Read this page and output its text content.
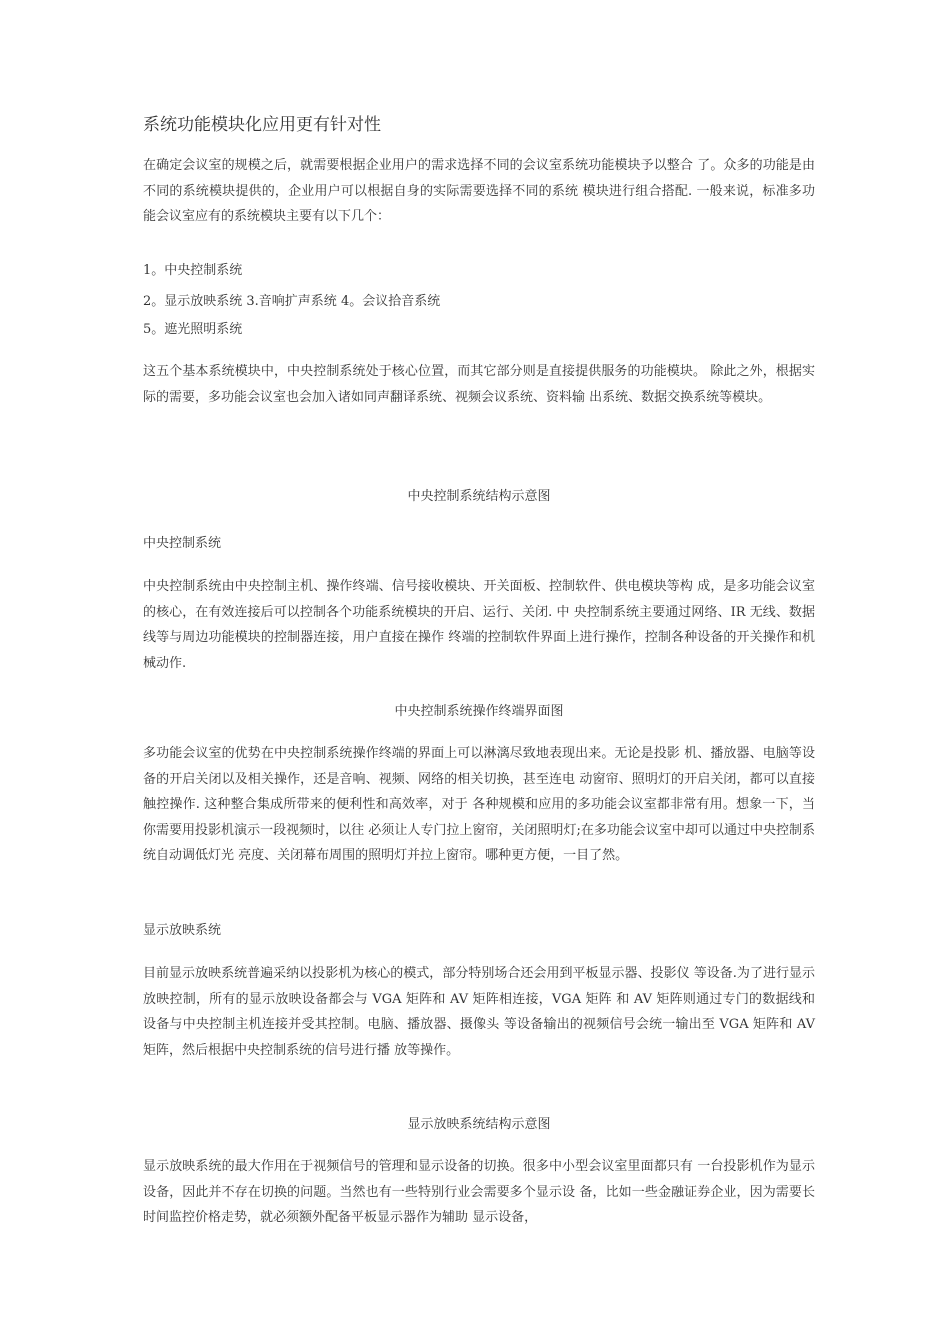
系统功能模块化应用更有针对性
在确定会议室的规模之后，就需要根据企业用户的需求选择不同的会议室系统功能模块予以整合 了。众多的功能是由不同的系统模块提供的，企业用户可以根据自身的实际需要选择不同的系统 模块进行组合搭配. 一般来说，标准多功能会议室应有的系统模块主要有以下几个：
1。中央控制系统
2。显示放映系统 3.音响扩声系统 4。会议拾音系统
5。遮光照明系统
这五个基本系统模块中，中央控制系统处于核心位置，而其它部分则是直接提供服务的功能模块。 除此之外，根据实际的需要，多功能会议室也会加入诸如同声翻译系统、视频会议系统、资料输 出系统、数据交换系统等模块。
中央控制系统结构示意图
中央控制系统
中央控制系统由中央控制主机、操作终端、信号接收模块、开关面板、控制软件、供电模块等构 成，是多功能会议室的核心，在有效连接后可以控制各个功能系统模块的开启、运行、关闭. 中 央控制系统主要通过网络、IR 无线、数据线等与周边功能模块的控制器连接，用户直接在操作 终端的控制软件界面上进行操作，控制各种设备的开关操作和机械动作.
中央控制系统操作终端界面图
多功能会议室的优势在中央控制系统操作终端的界面上可以淋漓尽致地表现出来。无论是投影 机、播放器、电脑等设备的开启关闭以及相关操作，还是音响、视频、网络的相关切换，甚至连电 动窗帘、照明灯的开启关闭，都可以直接触控操作. 这种整合集成所带来的便利性和高效率，对于 各种规模和应用的多功能会议室都非常有用。想象一下，当你需要用投影机演示一段视频时，以往 必须让人专门拉上窗帘，关闭照明灯;在多功能会议室中却可以通过中央控制系统自动调低灯光 亮度、关闭幕布周围的照明灯并拉上窗帘。哪种更方便，一目了然。
显示放映系统
目前显示放映系统普遍采纳以投影机为核心的模式，部分特别场合还会用到平板显示器、投影仪 等设备.为了进行显示放映控制，所有的显示放映设备都会与 VGA 矩阵和 AV 矩阵相连接，VGA 矩阵 和 AV 矩阵则通过专门的数据线和设备与中央控制主机连接并受其控制。电脑、播放器、摄像头 等设备输出的视频信号会统一输出至 VGA 矩阵和 AV 矩阵，然后根据中央控制系统的信号进行播 放等操作。
显示放映系统结构示意图
显示放映系统的最大作用在于视频信号的管理和显示设备的切换。很多中小型会议室里面都只有 一台投影机作为显示设备，因此并不存在切换的问题。当然也有一些特别行业会需要多个显示设 备，比如一些金融证券企业，因为需要长时间监控价格走势，就必须额外配备平板显示器作为辅助 显示设备，
